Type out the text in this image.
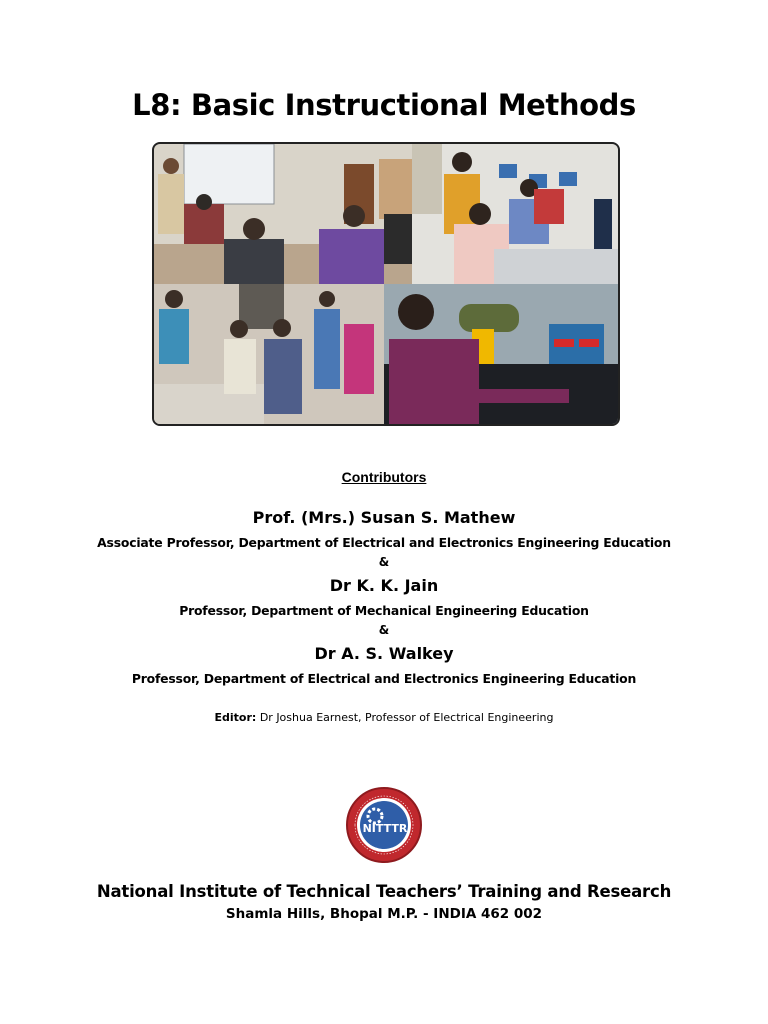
L8: Basic Instructional Methods
Contributors
Prof. (Mrs.) Susan S. Mathew
Associate Professor, Department of Electrical and Electronics Engineering Education
&
Dr K. K. Jain
Professor, Department of Mechanical Engineering Education
&
Dr A. S. Walkey
Professor, Department of Electrical and Electronics Engineering Education
Editor: Dr Joshua Earnest, Professor of Electrical Engineering
NITTTR
National Institute of Technical Teachers’ Training and Research
Shamla Hills, Bhopal M.P. - INDIA 462 002
